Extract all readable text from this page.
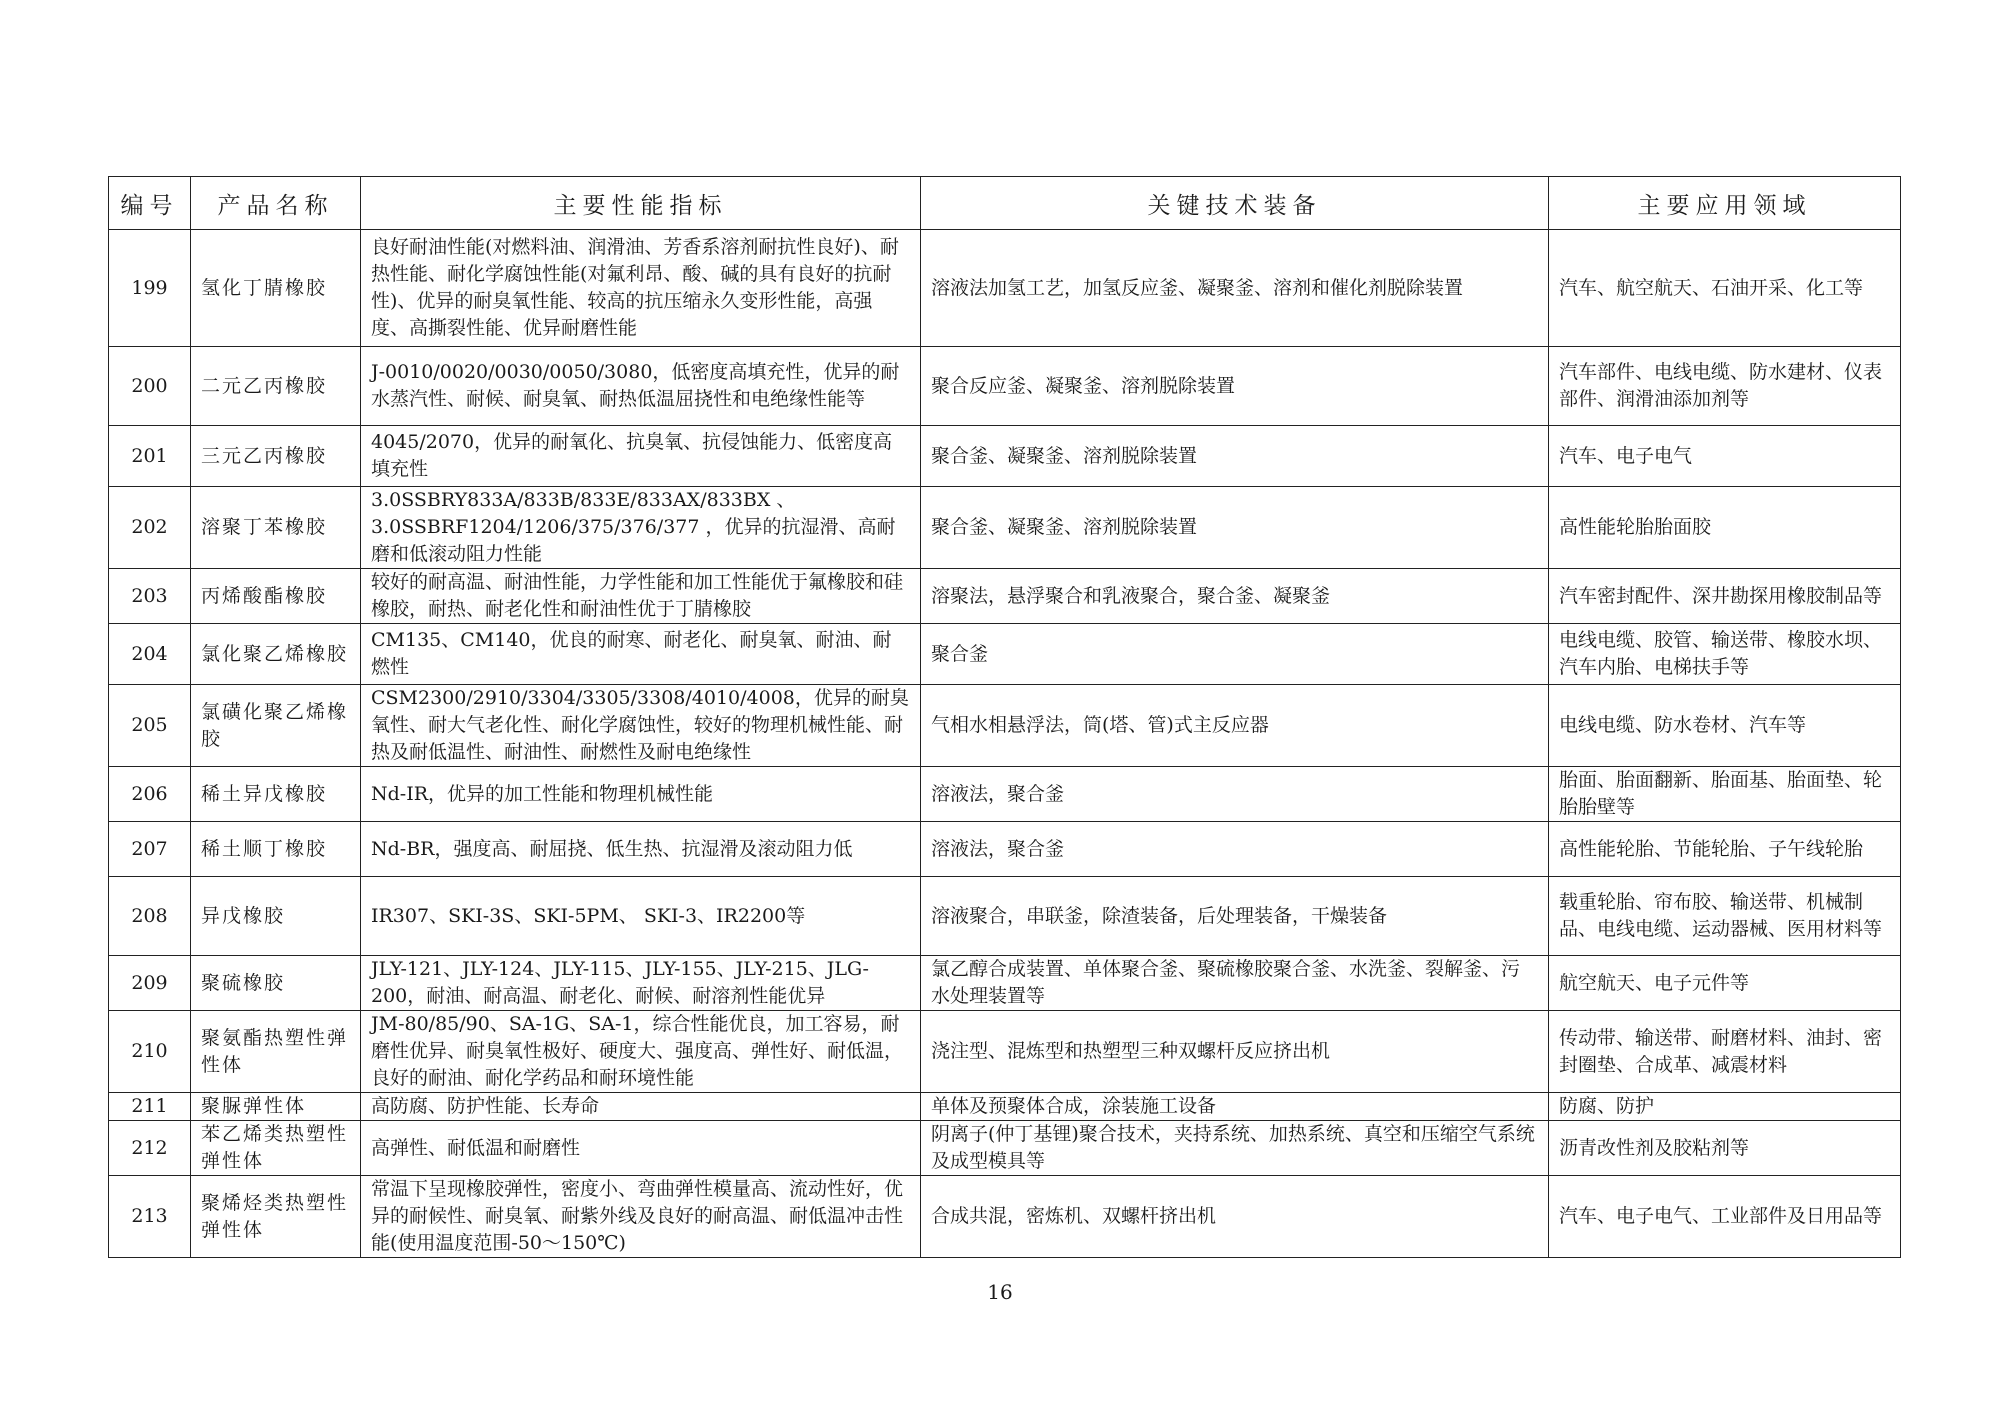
编号	产品名称	主要性能指标	关键技术装备	主要应用领域
199	氢化丁腈橡胶	良好耐油性能(对燃料油、润滑油、芳香系溶剂耐抗性良好)、耐热性能、耐化学腐蚀性能(对氟利昂、酸、碱的具有良好的抗耐性)、优异的耐臭氧性能、较高的抗压缩永久变形性能，高强度、高撕裂性能、优异耐磨性能	溶液法加氢工艺，加氢反应釜、凝聚釜、溶剂和催化剂脱除装置	汽车、航空航天、石油开采、化工等
200	二元乙丙橡胶	J-0010/0020/0030/0050/3080，低密度高填充性，优异的耐水蒸汽性、耐候、耐臭氧、耐热低温屈挠性和电绝缘性能等	聚合反应釜、凝聚釜、溶剂脱除装置	汽车部件、电线电缆、防水建材、仪表部件、润滑油添加剂等
201	三元乙丙橡胶	4045/2070，优异的耐氧化、抗臭氧、抗侵蚀能力、低密度高填充性	聚合釜、凝聚釜、溶剂脱除装置	汽车、电子电气
202	溶聚丁苯橡胶	3.0SSBRY833A/833B/833E/833AX/833BX 、3.0SSBRF1204/1206/375/376/377 ，优异的抗湿滑、高耐磨和低滚动阻力性能	聚合釜、凝聚釜、溶剂脱除装置	高性能轮胎胎面胶
203	丙烯酸酯橡胶	较好的耐高温、耐油性能，力学性能和加工性能优于氟橡胶和硅橡胶，耐热、耐老化性和耐油性优于丁腈橡胶	溶聚法，悬浮聚合和乳液聚合，聚合釜、凝聚釜	汽车密封配件、深井勘探用橡胶制品等
204	氯化聚乙烯橡胶	CM135、CM140，优良的耐寒、耐老化、耐臭氧、耐油、耐燃性	聚合釜	电线电缆、胶管、输送带、橡胶水坝、汽车内胎、电梯扶手等
205	氯磺化聚乙烯橡胶	CSM2300/2910/3304/3305/3308/4010/4008，优异的耐臭氧性、耐大气老化性、耐化学腐蚀性，较好的物理机械性能、耐热及耐低温性、耐油性、耐燃性及耐电绝缘性	气相水相悬浮法，筒(塔、管)式主反应器	电线电缆、防水卷材、汽车等
206	稀土异戊橡胶	Nd-IR，优异的加工性能和物理机械性能	溶液法，聚合釜	胎面、胎面翻新、胎面基、胎面垫、轮胎胎壁等
207	稀土顺丁橡胶	Nd-BR，强度高、耐屈挠、低生热、抗湿滑及滚动阻力低	溶液法，聚合釜	高性能轮胎、节能轮胎、子午线轮胎
208	异戊橡胶	IR307、SKI-3S、SKI-5PM、 SKI-3、IR2200等	溶液聚合，串联釜，除渣装备，后处理装备，干燥装备	载重轮胎、帘布胶、输送带、机械制品、电线电缆、运动器械、医用材料等
209	聚硫橡胶	JLY-121、JLY-124、JLY-115、JLY-155、JLY-215、JLG-200，耐油、耐高温、耐老化、耐候、耐溶剂性能优异	氯乙醇合成装置、单体聚合釜、聚硫橡胶聚合釜、水洗釜、裂解釜、污水处理装置等	航空航天、电子元件等
210	聚氨酯热塑性弹性体	JM-80/85/90、SA-1G、SA-1，综合性能优良，加工容易，耐磨性优异、耐臭氧性极好、硬度大、强度高、弹性好、耐低温，良好的耐油、耐化学药品和耐环境性能	浇注型、混炼型和热塑型三种双螺杆反应挤出机	传动带、输送带、耐磨材料、油封、密封圈垫、合成革、减震材料
211	聚脲弹性体	高防腐、防护性能、长寿命	单体及预聚体合成，涂装施工设备	防腐、防护
212	苯乙烯类热塑性弹性体	高弹性、耐低温和耐磨性	阴离子(仲丁基锂)聚合技术，夹持系统、加热系统、真空和压缩空气系统及成型模具等	沥青改性剂及胶粘剂等
213	聚烯烃类热塑性弹性体	常温下呈现橡胶弹性，密度小、弯曲弹性模量高、流动性好，优异的耐候性、耐臭氧、耐紫外线及良好的耐高温、耐低温冲击性能(使用温度范围-50～150℃)	合成共混，密炼机、双螺杆挤出机	汽车、电子电气、工业部件及日用品等
16
